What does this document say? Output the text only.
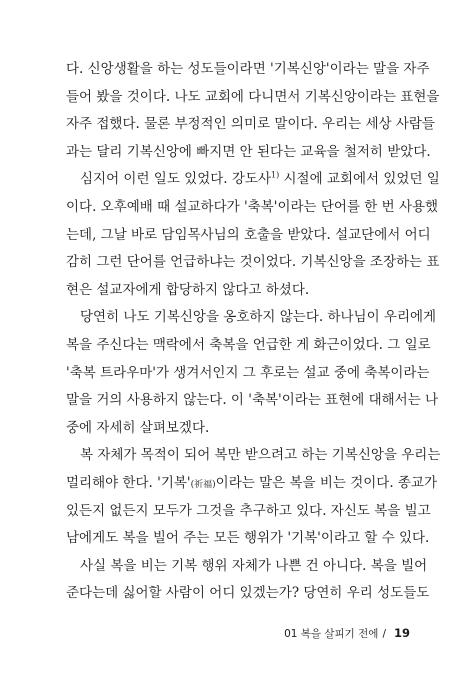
다. 신앙생활을 하는 성도들이라면 '기복신앙'이라는 말을 자주
들어 봤을 것이다. 나도 교회에 다니면서 기복신앙이라는 표현을
자주 접했다. 물론 부정적인 의미로 말이다. 우리는 세상 사람들
과는 달리 기복신앙에 빠지면 안 된다는 교육을 철저히 받았다.
심지어 이런 일도 있었다. 강도사$^{1)}$ 시절에 교회에서 있었던 일
이다. 오후예배 때 설교하다가 '축복'이라는 단어를 한 번 사용했
는데, 그날 바로 담임목사님의 호출을 받았다. 설교단에서 어디
감히 그런 단어를 언급하냐는 것이었다. 기복신앙을 조장하는 표
현은 설교자에게 합당하지 않다고 하셨다.
당연히 나도 기복신앙을 옹호하지 않는다. 하나님이 우리에게
복을 주신다는 맥락에서 축복을 언급한 게 화근이었다. 그 일로
'축복 트라우마'가 생겨서인지 그 후로는 설교 중에 축복이라는
말을 거의 사용하지 않는다. 이 '축복'이라는 표현에 대해서는 나
중에 자세히 살펴보겠다.
복 자체가 목적이 되어 복만 받으려고 하는 기복신앙을 우리는
멀리해야 한다. '기복'(祈福)이라는 말은 복을 비는 것이다. 종교가
있든지 없든지 모두가 그것을 추구하고 있다. 자신도 복을 빌고
남에게도 복을 빌어 주는 모든 행위가 '기복'이라고 할 수 있다.
사실 복을 비는 기복 행위 자체가 나쁜 건 아니다. 복을 빌어
준다는데 싫어할 사람이 어디 있겠는가? 당연히 우리 성도들도
01 복을 살피기 전에 / 19
